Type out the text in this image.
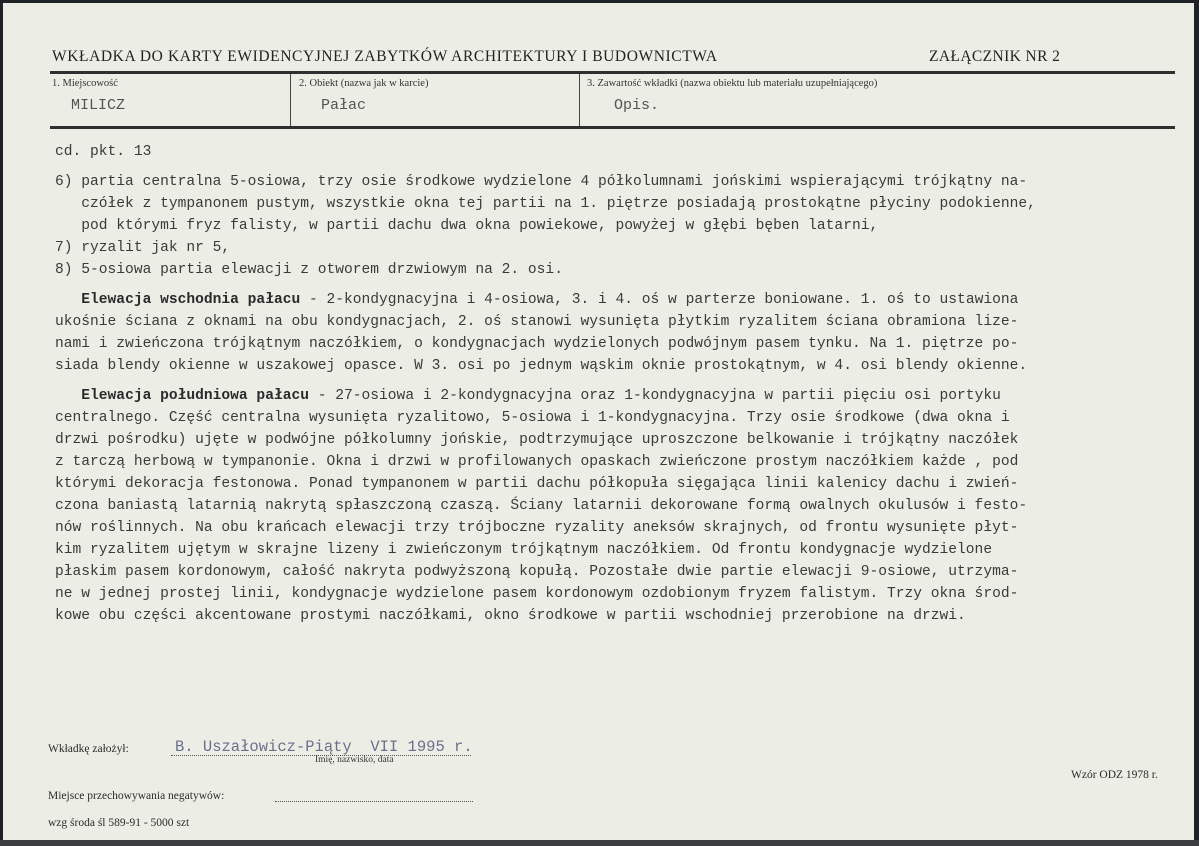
WKŁADKA DO KARTY EWIDENCYJNEJ ZABYTKÓW ARCHITEKTURY I BUDOWNICTWA	ZAŁĄCZNIK NR 2
1. Miejscowość
MILICZ
2. Obiekt (nazwa jak w karcie)
Pałac
3. Zawartość wkładki (nazwa obiektu lub materiału uzupełniającego)
Opis.
cd. pkt. 13
6) partia centralna 5-osiowa, trzy osie środkowe wydzielone 4 półkolumnami jońskimi wspierającymi trójkątny na-
czółek z tympanonem pustym, wszystkie okna tej partii na 1. piętrze posiadają prostokątne płyciny podokienne,
pod którymi fryz falisty, w partii dachu dwa okna powiekowe, powyżej w głębi bęben latarni,
7) ryzalit jak nr 5,
8) 5-osiowa partia elewacji z otworem drzwiowym na 2. osi.
Elewacja wschodnia pałacu - 2-kondygnacyjna i 4-osiowa, 3. i 4. oś w parterze boniowane. 1. oś to ustawiona
ukośnie ściana z oknami na obu kondygnacjach, 2. oś stanowi wysunięta płytkim ryzalitem ściana obramiona lize-
nami i zwieńczona trójkątnym naczółkiem, o kondygnacjach wydzielonych podwójnym pasem tynku. Na 1. piętrze po-
siada blendy okienne w uszakowej opasce. W 3. osi po jednym wąskim oknie prostokątnym, w 4. osi blendy okienne.
Elewacja południowa pałacu - 27-osiowa i 2-kondygnacyjna oraz 1-kondygnacyjna w partii pięciu osi portyku
centralnego. Część centralna wysunięta ryzalitowo, 5-osiowa i 1-kondygnacyjna. Trzy osie środkowe (dwa okna i
drzwi pośrodku) ujęte w podwójne półkolumny jońskie, podtrzymujące uproszczone belkowanie i trójkątny naczółek
z tarczą herbową w tympanonie. Okna i drzwi w profilowanych opaskach zwieńczone prostym naczółkiem każde , pod
którymi dekoracja festonowa. Ponad tympanonem w partii dachu półkopuła sięgająca linii kalenicy dachu i zwień-
czona baniastą latarnią nakrytą spłaszczoną czaszą. Ściany latarnii dekorowane formą owalnych okulusów i festo-
nów roślinnych. Na obu krańcach elewacji trzy trójboczne ryzality aneksów skrajnych, od frontu wysunięte płyt-
kim ryzalitem ujętym w skrajne lizeny i zwieńczonym trójkątnym naczółkiem. Od frontu kondygnacje wydzielone
płaskim pasem kordonowym, całość nakryta podwyższoną kopułą. Pozostałe dwie partie elewacji 9-osiowe, utrzyma-
ne w jednej prostej linii, kondygnacje wydzielone pasem kordonowym ozdobionym fryzem falistym. Trzy okna środ-
kowe obu części akcentowane prostymi naczółkami, okno środkowe w partii wschodniej przerobione na drzwi.
Wkładkę założył:	B. Uszałowicz-Piąty  VII 1995 r.
Imię, nazwisko, data
Wzór ODZ 1978 r.
Miejsce przechowywania negatywów:
wzg środa śl 589-91 - 5000 szt
